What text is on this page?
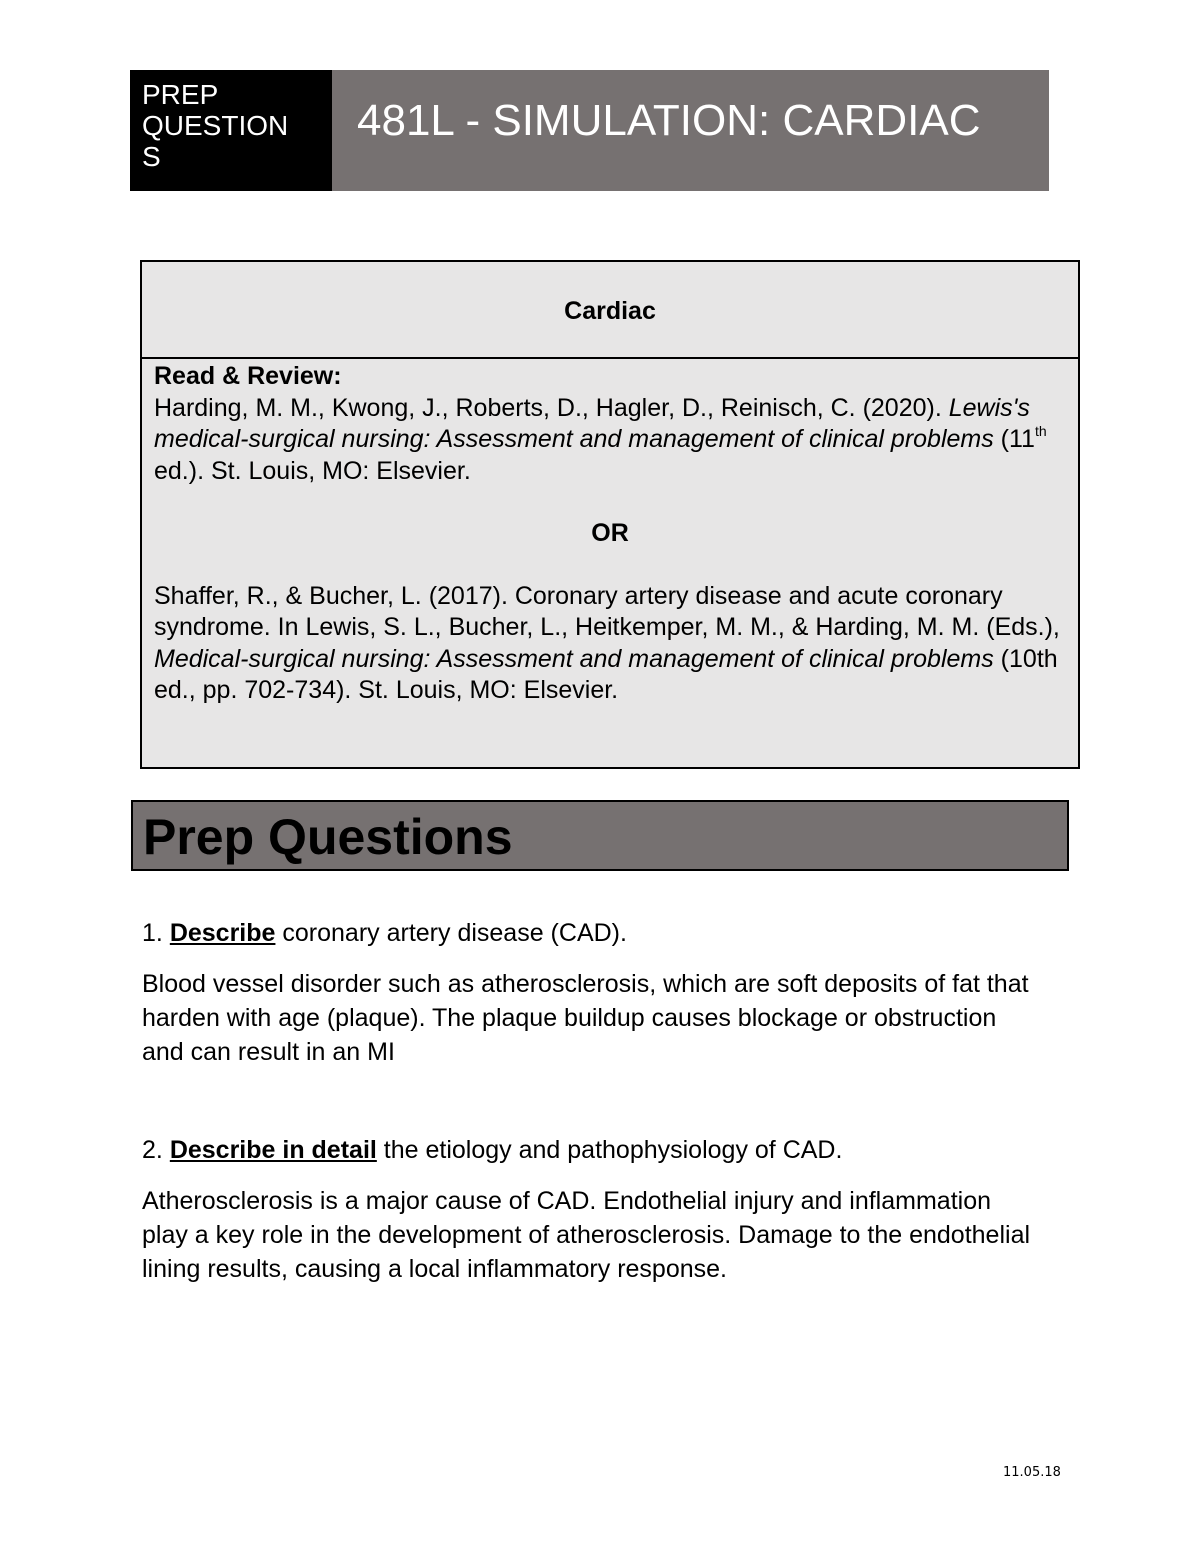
PREP
QUESTION
S
481L - SIMULATION: CARDIAC
Cardiac

Read & Review:

Harding, M. M., Kwong, J., Roberts, D., Hagler, D., Reinisch, C. (2020). Lewis's medical-surgical nursing: Assessment and management of clinical problems (11th ed.). St. Louis, MO: Elsevier.

OR

Shaffer, R., & Bucher, L. (2017). Coronary artery disease and acute coronary syndrome. In Lewis, S. L., Bucher, L., Heitkemper, M. M., & Harding, M. M. (Eds.), Medical-surgical nursing: Assessment and management of clinical problems (10th ed., pp. 702-734). St. Louis, MO: Elsevier.

Prep Questions

1. Describe coronary artery disease (CAD).

Blood vessel disorder such as atherosclerosis, which are soft deposits of fat that harden with age (plaque). The plaque buildup causes blockage or obstruction and can result in an MI

2. Describe in detail the etiology and pathophysiology of CAD.

Atherosclerosis is a major cause of CAD. Endothelial injury and inflammation play a key role in the development of atherosclerosis. Damage to the endothelial lining results, causing a local inflammatory response.

11.05.18
